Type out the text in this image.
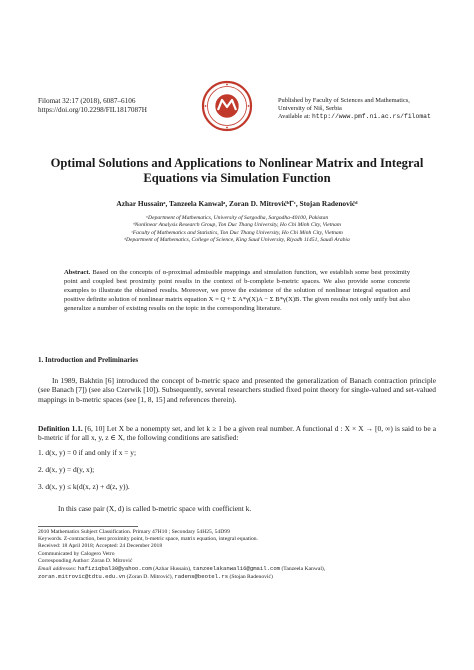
Filomat 32:17 (2018), 6087–6106
https://doi.org/10.2298/FIL1817087H
Published by Faculty of Sciences and Mathematics,
University of Niš, Serbia
Available at: http://www.pmf.ni.ac.rs/filomat
Optimal Solutions and Applications to Nonlinear Matrix and Integral
Equations via Simulation Function
Azhar Hussainᵃ, Tanzeela Kanwalᵃ, Zoran D. MitrovićᵇⲄᶜ, Stojan Radenovićᵈ
ᵃDepartment of Mathematics, University of Sargodha, Sargodha-40100, Pakistan
ᵇNonlinear Analysis Research Group, Ton Duc Thang University, Ho Chi Minh City, Vietnam
ᶜFaculty of Mathematics and Statistics, Ton Duc Thang University, Ho Chi Minh City, Vietnam
ᵈDepartment of Mathematics, College of Science, King Saud University, Riyadh 11451, Saudi Arabia
Abstract. Based on the concepts of α-proximal admissible mappings and simulation function, we establish some best proximity point and coupled best proximity point results in the context of b-complete b-metric spaces. We also provide some concrete examples to illustrate the obtained results. Moreover, we prove the existence of the solution of nonlinear integral equation and positive definite solution of nonlinear matrix equation X = Q + Σ A*γ(X)A − Σ B*γ(X)B. The given results not only unify but also generalize a number of existing results on the topic in the corresponding literature.
1. Introduction and Preliminaries
In 1989, Bakhtin [6] introduced the concept of b-metric space and presented the generalization of Banach contraction principle (see Banach [7]) (see also Czerwik [10]). Subsequently, several researchers studied fixed point theory for single-valued and set-valued mappings in b-metric spaces (see [1, 8, 15] and references therein).
Definition 1.1. [6, 10] Let X be a nonempty set, and let k ≥ 1 be a given real number. A functional d : X × X → [0, ∞) is said to be a b-metric if for all x, y, z ∈ X, the following conditions are satisfied:
1. d(x, y) = 0 if and only if x = y;
2. d(x, y) = d(y, x);
3. d(x, y) ≤ k(d(x, z) + d(z, y)).
In this case pair (X, d) is called b-metric space with coefficient k.
2010 Mathematics Subject Classification. Primary 47H10 ; Secondary 54H25, 54D99
Keywords. Z-contraction, best proximity point, b-metric space, matrix equation, integral equation.
Received: 18 April 2018; Accepted: 24 December 2018
Communicated by Calogero Vetro
Corresponding Author: Zoran D. Mitrović
Email addresses: hafiziqbal30@yahoo.com (Azhar Hussain), tanzeelakanwal16@gmail.com (Tanzeela Kanwal),
zoran.mitrovic@tdtu.edu.vn (Zoran D. Mitrović), radens@beotel.rs (Stojan Radenović)
